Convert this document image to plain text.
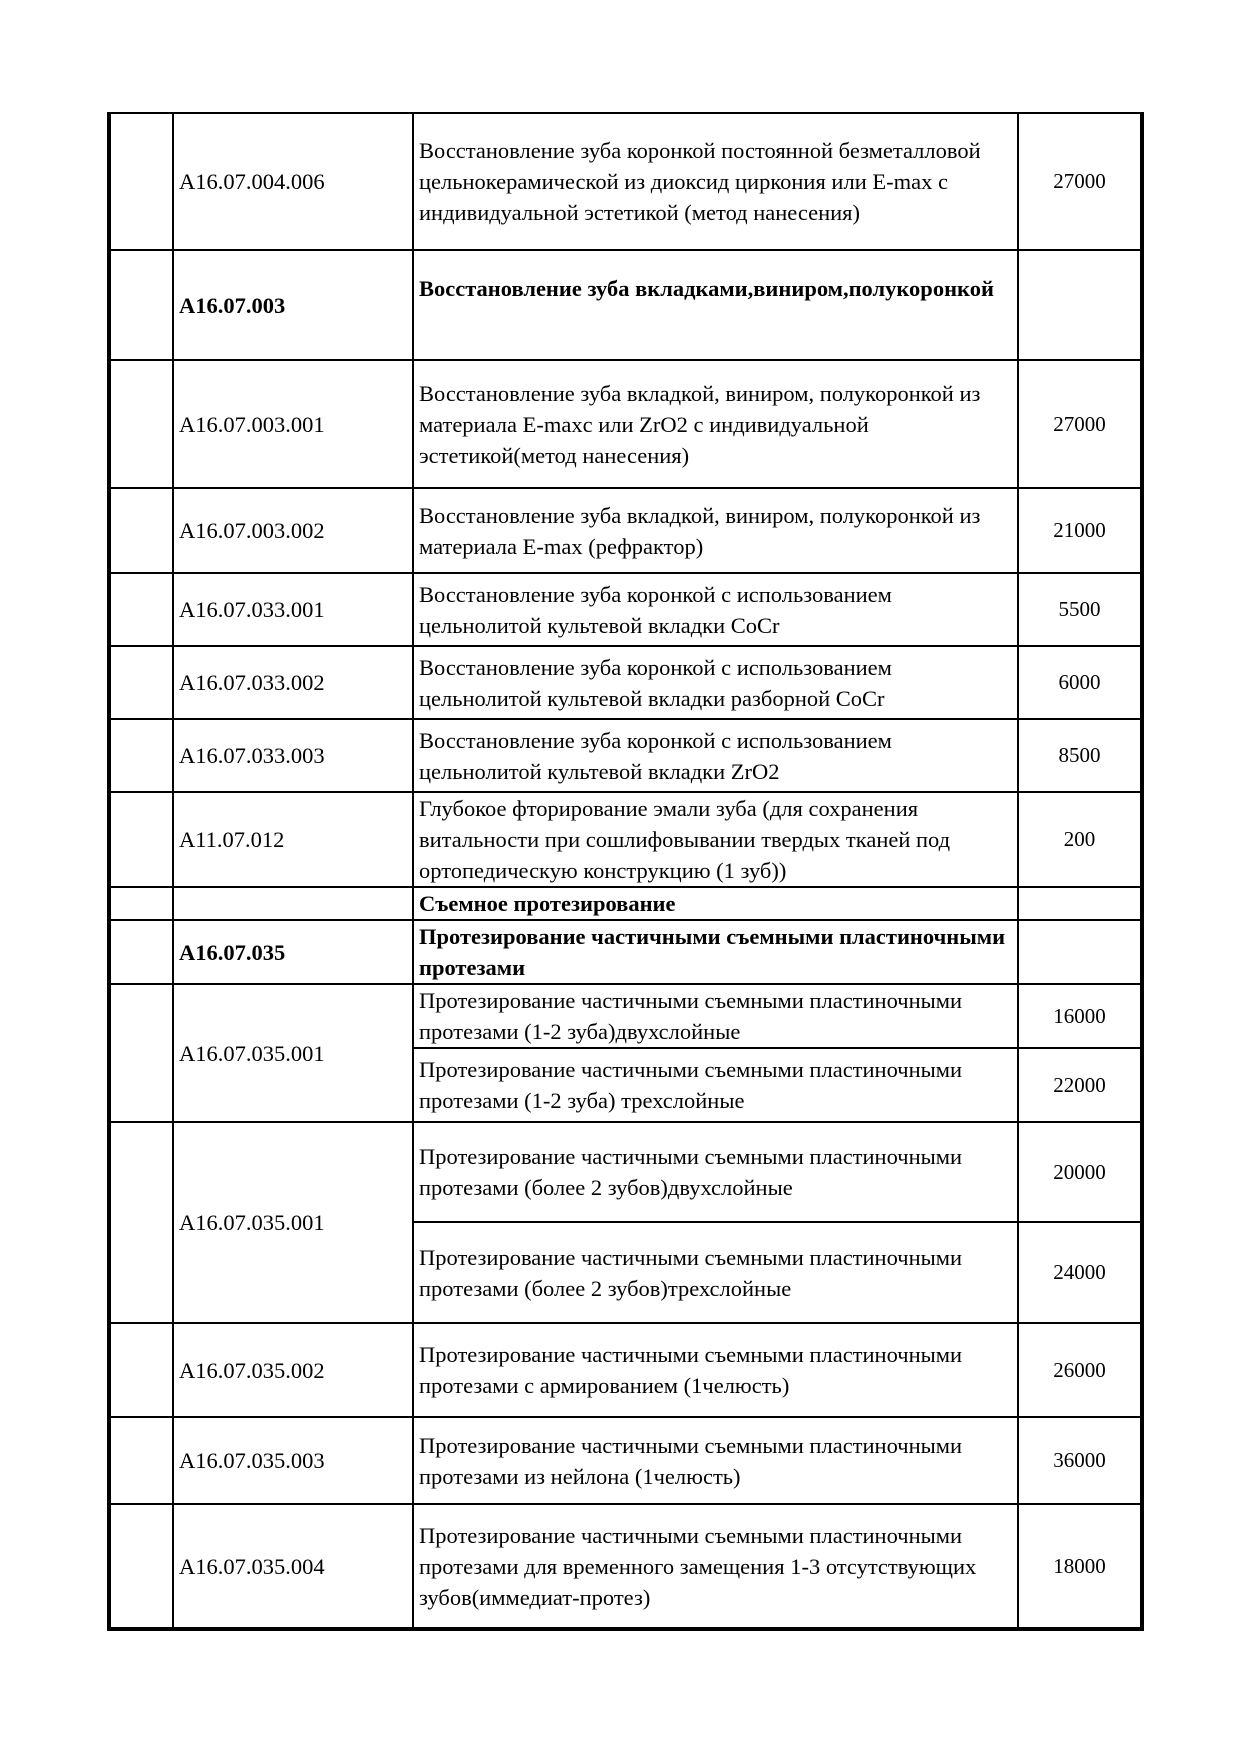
	А16.07.004.006	Восстановление зуба коронкой постоянной безметалловой цельнокерамической из диоксид циркония или E-max с индивидуальной эстетикой (метод нанесения)	27000
	А16.07.003	Восстановление зуба вкладками,виниром,полукоронкой	
	А16.07.003.001	Восстановление зуба вкладкой, виниром, полукоронкой из материала E-maxс или ZrO2 с индивидуальной эстетикой(метод нанесения)	27000
	А16.07.003.002	Восстановление зуба вкладкой, виниром, полукоронкой из материала E-max (рефрактор)	21000
	А16.07.033.001	Восстановление зуба коронкой с использованием цельнолитой культевой вкладки CoCr	5500
	А16.07.033.002	Восстановление зуба коронкой с использованием цельнолитой культевой вкладки разборной CoCr	6000
	А16.07.033.003	Восстановление зуба коронкой с использованием цельнолитой культевой вкладки ZrO2	8500
	А11.07.012	Глубокое фторирование эмали зуба (для сохранения витальности при сошлифовывании твердых тканей под ортопедическую конструкцию (1 зуб))	200
		Съемное протезирование	
	А16.07.035	Протезирование частичными съемными пластиночными протезами	
	А16.07.035.001	Протезирование частичными съемными пластиночными протезами (1-2 зуба)двухслойные	16000
		Протезирование частичными съемными пластиночными протезами (1-2 зуба) трехслойные	22000
	А16.07.035.001	Протезирование частичными съемными пластиночными протезами (более 2 зубов)двухслойные	20000
		Протезирование частичными съемными пластиночными протезами (более 2 зубов)трехслойные	24000
	А16.07.035.002	Протезирование частичными съемными пластиночными протезами с армированием (1челюсть)	26000
	А16.07.035.003	Протезирование частичными съемными пластиночными протезами из нейлона (1челюсть)	36000
	А16.07.035.004	Протезирование частичными съемными пластиночными протезами для временного замещения 1-3 отсутствующих зубов(иммедиат-протез)	18000
